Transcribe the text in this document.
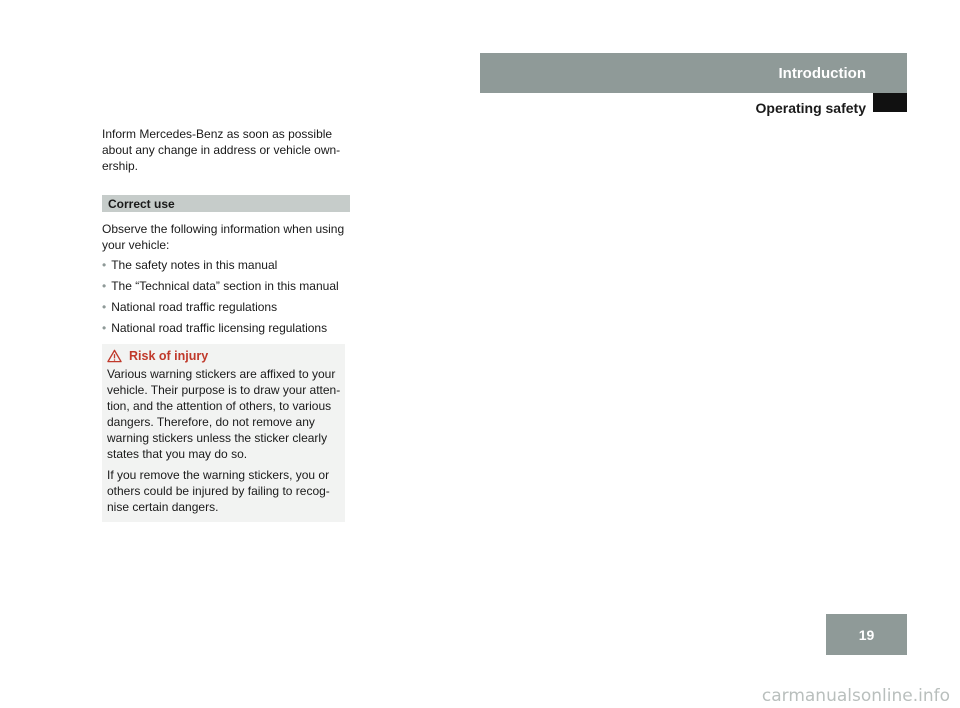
Introduction
Operating safety

Inform Mercedes-Benz as soon as possible about any change in address or vehicle own-ership.

Correct use

Observe the following information when using your vehicle:

• The safety notes in this manual
• The “Technical data” section in this manual
• National road traffic regulations
• National road traffic licensing regulations
Risk of injury

Various warning stickers are affixed to your vehicle. Their purpose is to draw your atten-tion, and the attention of others, to various dangers. Therefore, do not remove any warning stickers unless the sticker clearly states that you may do so.

If you remove the warning stickers, you or others could be injured by failing to recog-nise certain dangers.

19
carmanualsonline.info
